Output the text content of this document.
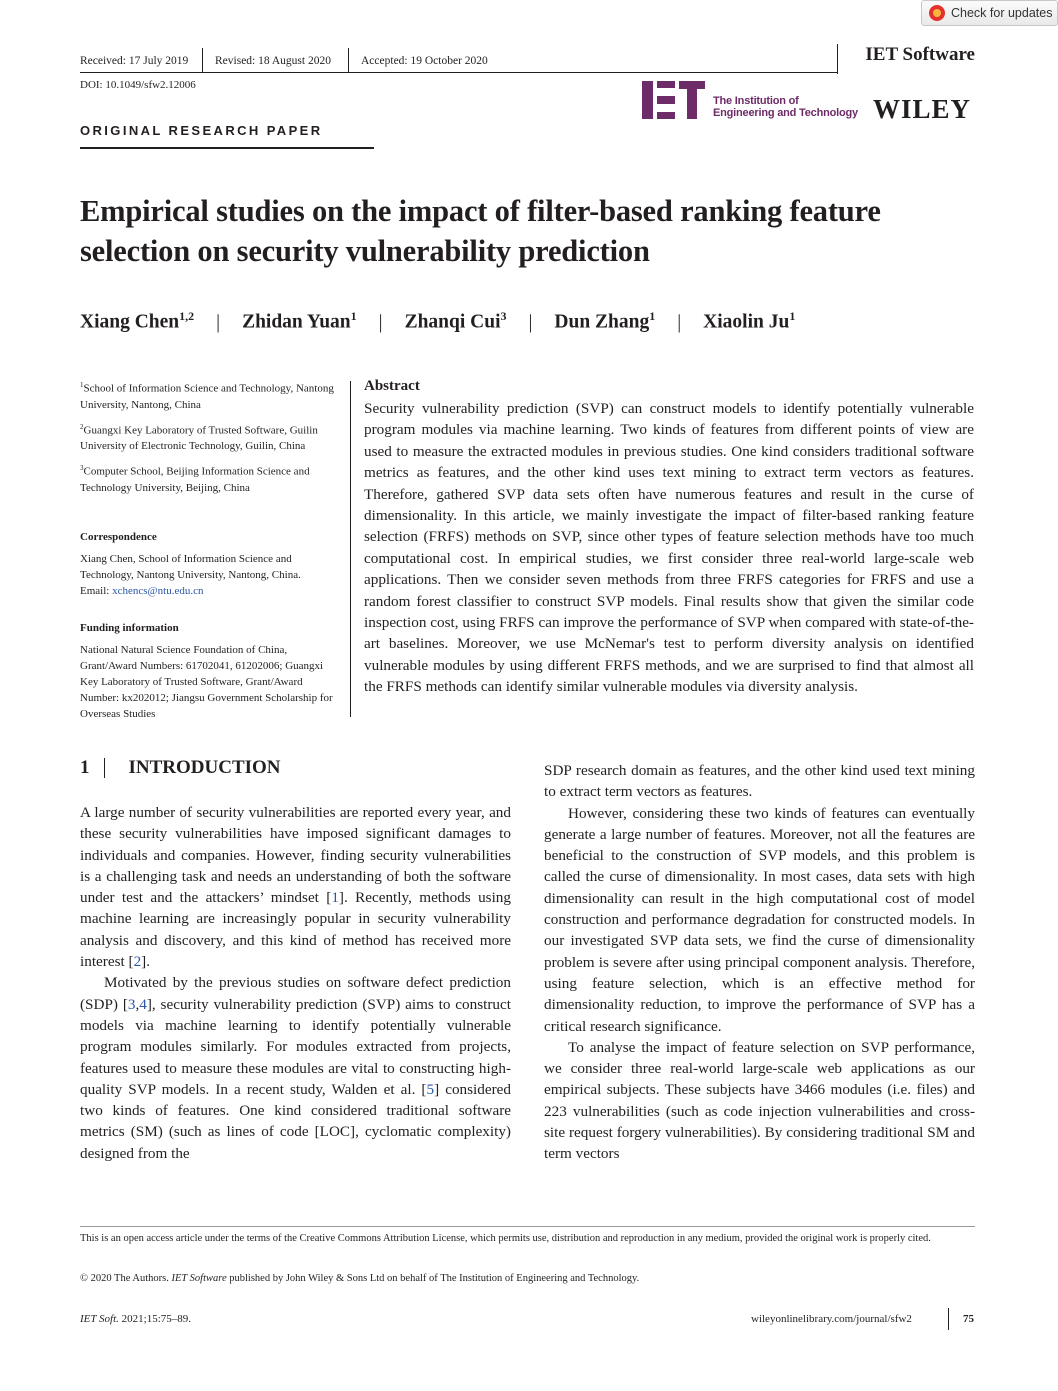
Check for updates
Received: 17 July 2019 Revised: 18 August 2020	Accepted: 19 October 2020	IET Software
DOI: 10.1049/sfw2.12006
The Institution of
Engineering and Technology WILEY
ORIGINAL RESEARCH PAPER
Empirical studies on the impact of filter-based ranking feature selection on security vulnerability prediction
Xiang Chen$^{1,2}$ | Zhidan Yuan$^1$ | Zhanqi Cui$^3$ | Dun Zhang$^1$ | Xiaolin Ju$^1$

$^1$School of Information Science and Technology, Nantong University, Nantong, China

$^2$Guangxi Key Laboratory of Trusted Software, Guilin University of Electronic Technology, Guilin, China

$^3$Computer School, Beijing Information Science and Technology University, Beijing, China

Correspondence

Xiang Chen, School of Information Science and Technology, Nantong University, Nantong, China.
Email: xchencs@ntu.edu.cn

Funding information

National Natural Science Foundation of China, Grant/Award Numbers: 61702041, 61202006; Guangxi Key Laboratory of Trusted Software, Grant/Award Number: kx202012; Jiangsu Government Scholarship for Overseas Studies

Abstract
Security vulnerability prediction (SVP) can construct models to identify potentially vulnerable program modules via machine learning. Two kinds of features from different points of view are used to measure the extracted modules in previous studies. One kind considers traditional software metrics as features, and the other kind uses text mining to extract term vectors as features. Therefore, gathered SVP data sets often have numerous features and result in the curse of dimensionality. In this article, we mainly investigate the impact of filter-based ranking feature selection (FRFS) methods on SVP, since other types of feature selection methods have too much computational cost. In empirical studies, we first consider three real-world large-scale web applications. Then we consider seven methods from three FRFS categories for FRFS and use a random forest classifier to construct SVP models. Final results show that given the similar code inspection cost, using FRFS can improve the performance of SVP when compared with state-of-the-art baselines. Moreover, we use McNemar's test to perform diversity analysis on identified vulnerable modules by using different FRFS methods, and we are surprised to find that almost all the FRFS methods can identify similar vulnerable modules via diversity analysis.
1 INTRODUCTION

A large number of security vulnerabilities are reported every year, and these security vulnerabilities have imposed significant damages to individuals and companies. However, finding security vulnerabilities is a challenging task and needs an understanding of both the software under test and the attackers’ mindset [1]. Recently, methods using machine learning are increasingly popular in security vulnerability analysis and discovery, and this kind of method has received more interest [2].

Motivated by the previous studies on software defect prediction (SDP) [3,4], security vulnerability prediction (SVP) aims to construct models via machine learning to identify potentially vulnerable program modules similarly. For modules extracted from projects, features used to measure these modules are vital to constructing high-quality SVP models. In a recent study, Walden et al. [5] considered two kinds of features. One kind considered traditional software metrics (SM) (such as lines of code [LOC], cyclomatic complexity) designed from the

SDP research domain as features, and the other kind used text mining to extract term vectors as features.

However, considering these two kinds of features can eventually generate a large number of features. Moreover, not all the features are beneficial to the construction of SVP models, and this problem is called the curse of dimensionality. In most cases, data sets with high dimensionality can result in the high computational cost of model construction and performance degradation for constructed models. In our investigated SVP data sets, we find the curse of dimensionality problem is severe after using principal component analysis. Therefore, using feature selection, which is an effective method for dimensionality reduction, to improve the performance of SVP has a critical research significance.

To analyse the impact of feature selection on SVP performance, we consider three real-world large-scale web applications as our empirical subjects. These subjects have 3466 modules (i.e. files) and 223 vulnerabilities (such as code injection vulnerabilities and cross-site request forgery vulnerabilities). By considering traditional SM and term vectors

This is an open access article under the terms of the Creative Commons Attribution License, which permits use, distribution and reproduction in any medium, provided the original work is properly cited.
© 2020 The Authors. IET Software published by John Wiley & Sons Ltd on behalf of The Institution of Engineering and Technology.
IET Soft. 2021;15:75–89.	wileyonlinelibrary.com/journal/sfw2	75
